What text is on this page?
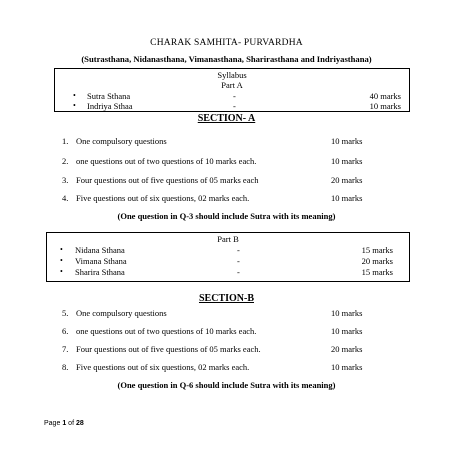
CHARAK SAMHITA- PURVARDHA
(Sutrasthana, Nidanasthana, Vimanasthana, Sharirasthana and Indriyasthana)
Syllabus
Part A
• Sutra Sthana	-	40 marks
• Indriya Sthaa	-	10 marks
SECTION- A
1. One compulsory questions	10 marks
2. one questions out of two questions of 10 marks each.	10 marks
3. Four questions out of five questions of 05 marks each	20 marks
4. Five questions out of six questions, 02 marks each.	10 marks
(One question in Q-3 should include Sutra with its meaning)
Part B
• Nidana Sthana	-	15 marks
• Vimana Sthana	-	20 marks
• Sharira Sthana	-	15 marks
SECTION-B
5. One compulsory questions	10 marks
6. one questions out of two questions of 10 marks each.	10 marks
7. Four questions out of five questions of 05 marks each.	20 marks
8. Five questions out of six questions, 02 marks each.	10 marks
(One question in Q-6 should include Sutra with its meaning)
Page 1 of 28
